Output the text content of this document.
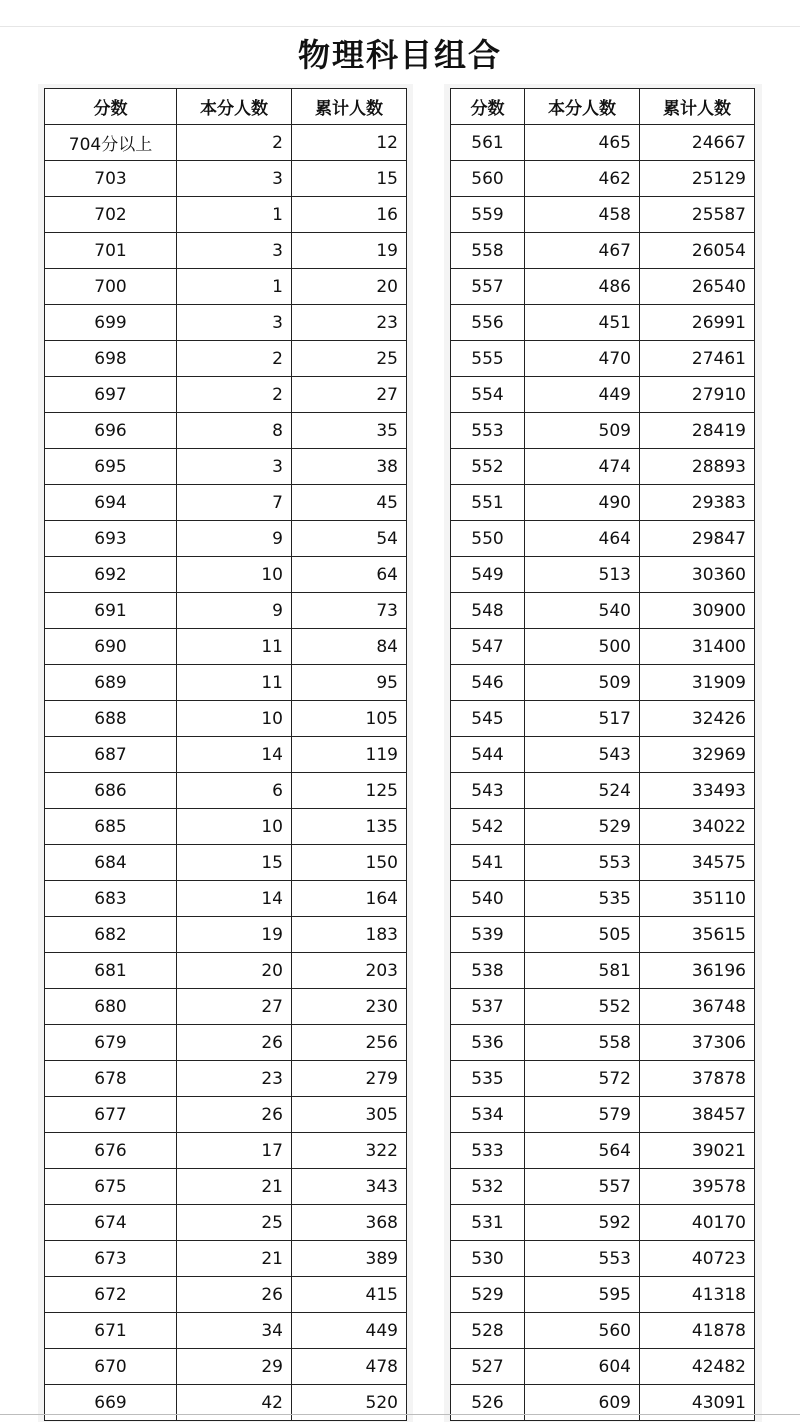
物理科目组合
分数	本分人数	累计人数
704分以上	2	12
703	3	15
702	1	16
701	3	19
700	1	20
699	3	23
698	2	25
697	2	27
696	8	35
695	3	38
694	7	45
693	9	54
692	10	64
691	9	73
690	11	84
689	11	95
688	10	105
687	14	119
686	6	125
685	10	135
684	15	150
683	14	164
682	19	183
681	20	203
680	27	230
679	26	256
678	23	279
677	26	305
676	17	322
675	21	343
674	25	368
673	21	389
672	26	415
671	34	449
670	29	478
669	42	520
分数	本分人数	累计人数
561	465	24667
560	462	25129
559	458	25587
558	467	26054
557	486	26540
556	451	26991
555	470	27461
554	449	27910
553	509	28419
552	474	28893
551	490	29383
550	464	29847
549	513	30360
548	540	30900
547	500	31400
546	509	31909
545	517	32426
544	543	32969
543	524	33493
542	529	34022
541	553	34575
540	535	35110
539	505	35615
538	581	36196
537	552	36748
536	558	37306
535	572	37878
534	579	38457
533	564	39021
532	557	39578
531	592	40170
530	553	40723
529	595	41318
528	560	41878
527	604	42482
526	609	43091
